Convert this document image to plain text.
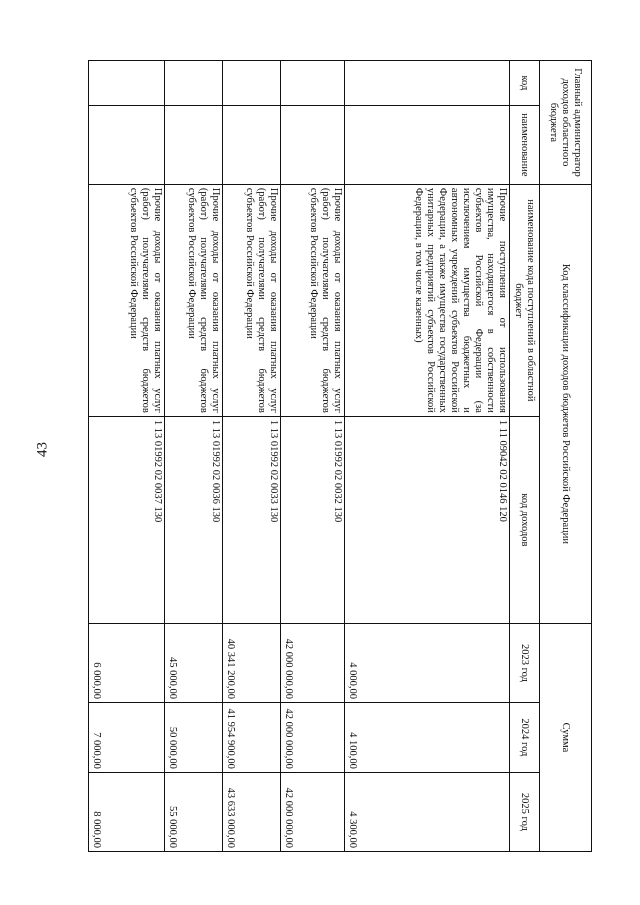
43
Главный администратор доходов областного бюджета		Код классификации доходов бюджетов Российской Федерации		Сумма		
код	наименование	наименование кода поступлений в областной бюджет	код доходов	2023 год	2024 год	2025 год
		Прочие поступления от использования имущества, находящегося в собственности субъектов Российской Федерации (за исключением имущества бюджетных и автономных учреждений субъектов Российской Федерации, а также имущества государственных унитарных предприятий субъектов Российской Федерации, в том числе казенных)	1 11 09042 02 0146 120	4 000,00	4 100,00	4 300,00
		Прочие доходы от оказания платных услуг (работ) получателями средств бюджетов субъектов Российской Федерации	1 13 01992 02 0032 130	42 000 000,00	42 000 000,00	42 000 000,00
		Прочие доходы от оказания платных услуг (работ) получателями средств бюджетов субъектов Российской Федерации	1 13 01992 02 0033 130	40 341 200,00	41 954 900,00	43 633 000,00
		Прочие доходы от оказания платных услуг (работ) получателями средств бюджетов субъектов Российской Федерации	1 13 01992 02 0036 130	45 000,00	50 000,00	55 000,00
		Прочие доходы от оказания платных услуг (работ) получателями средств бюджетов субъектов Российской Федерации	1 13 01992 02 0037 130	6 000,00	7 000,00	8 000,00
